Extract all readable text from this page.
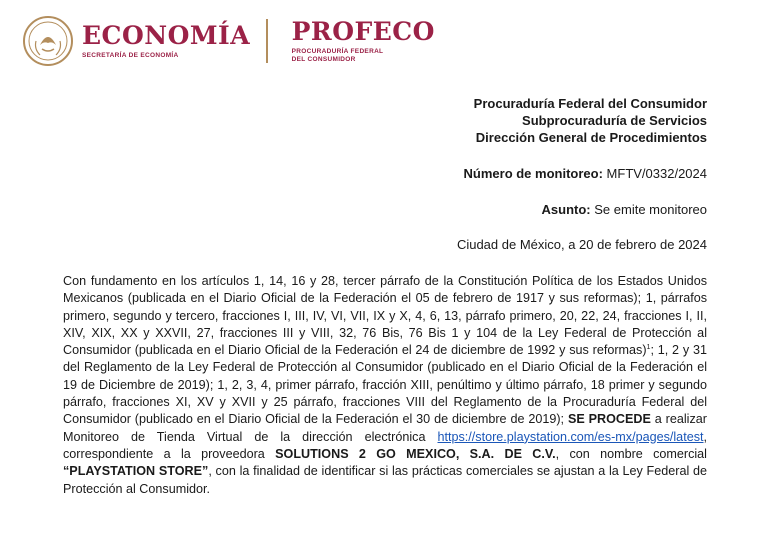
ECONOMÍA
SECRETARÍA DE ECONOMÍA
PROFECO
PROCURADURÍA FEDERAL
DEL CONSUMIDOR
Procuraduría Federal del Consumidor
Subprocuraduría de Servicios
Dirección General de Procedimientos
Número de monitoreo: MFTV/0332/2024
Asunto: Se emite monitoreo
Ciudad de México, a 20 de febrero de 2024
Con fundamento en los artículos 1, 14, 16 y 28, tercer párrafo de la Constitución Política de los Estados Unidos Mexicanos (publicada en el Diario Oficial de la Federación el 05 de febrero de 1917 y sus reformas); 1, párrafos primero, segundo y tercero, fracciones I, III, IV, VI, VII, IX y X, 4, 6, 13, párrafo primero, 20, 22, 24, fracciones I, II, XIV, XIX, XX y XXVII, 27, fracciones III y VIII, 32, 76 Bis, 76 Bis 1 y 104 de la Ley Federal de Protección al Consumidor (publicada en el Diario Oficial de la Federación el 24 de diciembre de 1992 y sus reformas)$^1$; 1, 2 y 31 del Reglamento de la Ley Federal de Protección al Consumidor (publicado en el Diario Oficial de la Federación el 19 de Diciembre de 2019); 1, 2, 3, 4, primer párrafo, fracción XIII, penúltimo y último párrafo, 18 primer y segundo párrafo, fracciones XI, XV y XVII y 25 párrafo, fracciones VIII del Reglamento de la Procuraduría Federal del Consumidor (publicado en el Diario Oficial de la Federación el 30 de diciembre de 2019); SE PROCEDE a realizar Monitoreo de Tienda Virtual de la dirección electrónica https://store.playstation.com/es-mx/pages/latest, correspondiente a la proveedora SOLUTIONS 2 GO MEXICO, S.A. DE C.V., con nombre comercial “PLAYSTATION STORE”, con la finalidad de identificar si las prácticas comerciales se ajustan a la Ley Federal de Protección al Consumidor.
